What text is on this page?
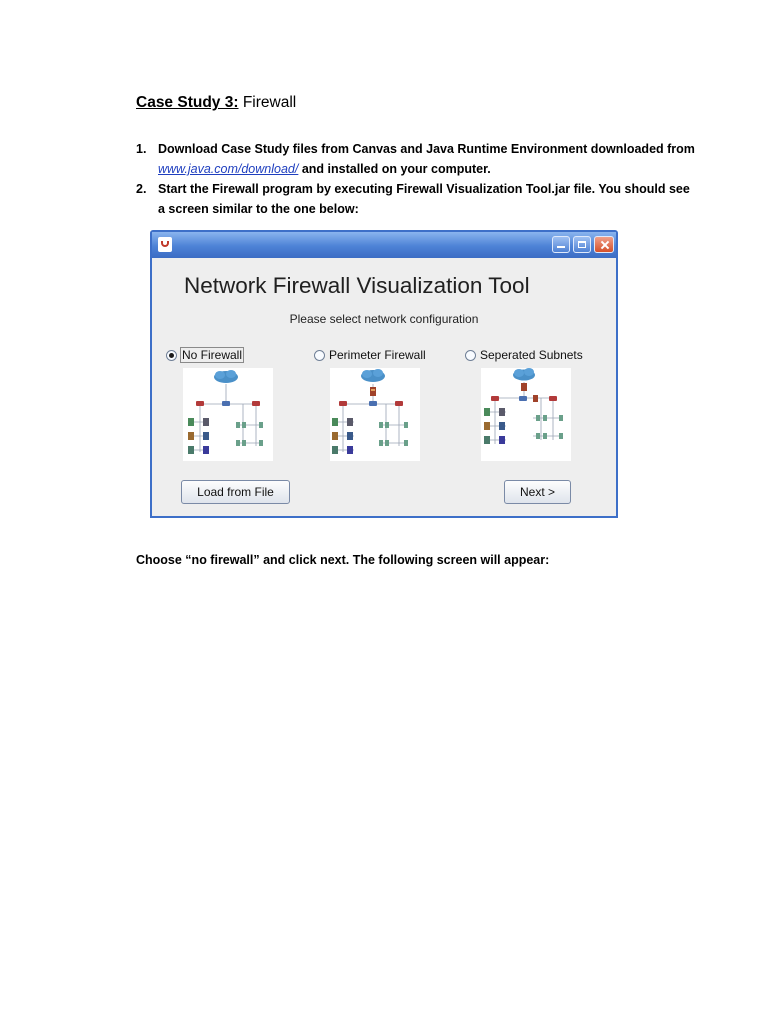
Case Study 3: Firewall
1. Download Case Study files from Canvas and Java Runtime Environment downloaded from www.java.com/download/ and installed on your computer.
2. Start the Firewall program by executing Firewall Visualization Tool.jar file. You should see a screen similar to the one below:
Network Firewall Visualization Tool
Please select network configuration
No Firewall	Perimeter Firewall	Seperated Subnets
Load from File	Next >
Choose “no firewall” and click next. The following screen will appear:
